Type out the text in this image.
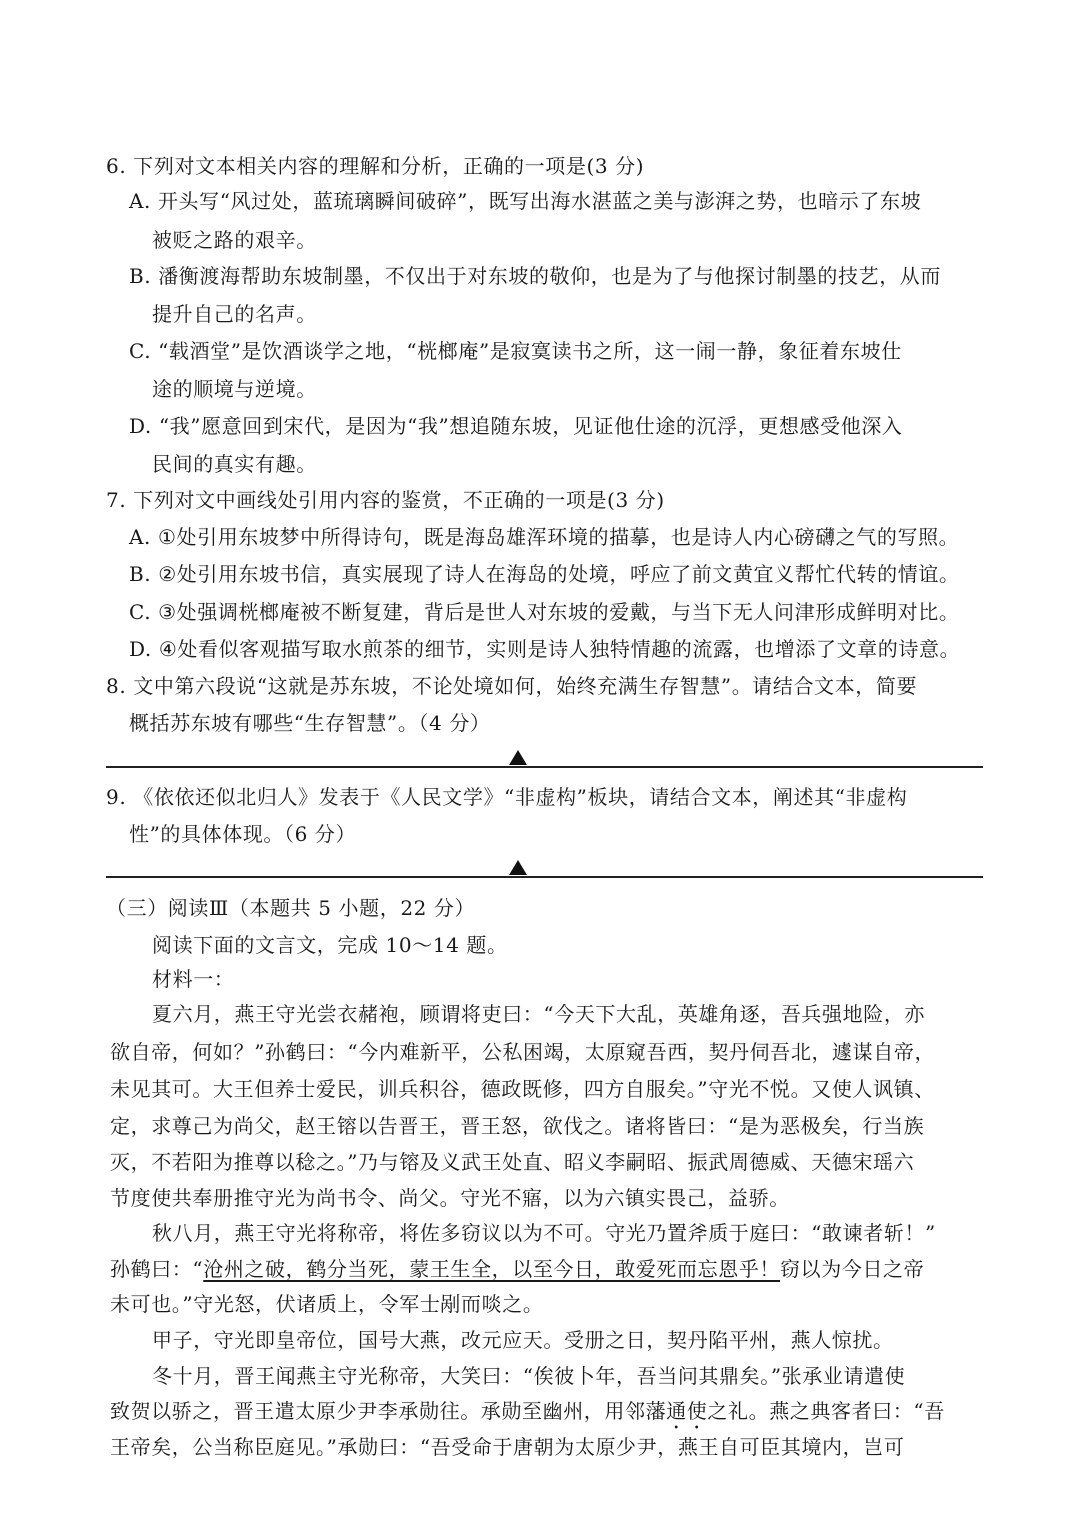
6. 下列对文本相关内容的理解和分析，正确的一项是(3 分)
A. 开头写“风过处，蓝琉璃瞬间破碎”，既写出海水湛蓝之美与澎湃之势，也暗示了东坡
被贬之路的艰辛。
B. 潘衡渡海帮助东坡制墨，不仅出于对东坡的敬仰，也是为了与他探讨制墨的技艺，从而
提升自己的名声。
C. “载酒堂”是饮酒谈学之地，“桄榔庵”是寂寞读书之所，这一闹一静，象征着东坡仕
途的顺境与逆境。
D. “我”愿意回到宋代，是因为“我”想追随东坡，见证他仕途的沉浮，更想感受他深入
民间的真实有趣。
7. 下列对文中画线处引用内容的鉴赏，不正确的一项是(3 分)
A. ①处引用东坡梦中所得诗句，既是海岛雄浑环境的描摹，也是诗人内心磅礴之气的写照。
B. ②处引用东坡书信，真实展现了诗人在海岛的处境，呼应了前文黄宜义帮忙代转的情谊。
C. ③处强调桄榔庵被不断复建，背后是世人对东坡的爱戴，与当下无人问津形成鲜明对比。
D. ④处看似客观描写取水煎茶的细节，实则是诗人独特情趣的流露，也增添了文章的诗意。
8. 文中第六段说“这就是苏东坡，不论处境如何，始终充满生存智慧”。请结合文本，简要
概括苏东坡有哪些“生存智慧”。（4 分）
9. 《依依还似北归人》发表于《人民文学》“非虚构”板块，请结合文本，阐述其“非虚构
性”的具体体现。（6 分）
（三）阅读Ⅲ（本题共 5 小题，22 分）
阅读下面的文言文，完成 10～14 题。
材料一：
夏六月，燕王守光尝衣赭袍，顾谓将吏曰：“今天下大乱，英雄角逐，吾兵强地险，亦
欲自帝，何如？”孙鹤曰：“今内难新平，公私困竭，太原窥吾西，契丹伺吾北，遽谋自帝，
未见其可。大王但养士爱民，训兵积谷，德政既修，四方自服矣。”守光不悦。又使人讽镇、
定，求尊己为尚父，赵王镕以告晋王，晋王怒，欲伐之。诸将皆曰：“是为恶极矣，行当族
灭，不若阳为推尊以稔之。”乃与镕及义武王处直、昭义李嗣昭、振武周德威、天德宋瑶六
节度使共奉册推守光为尚书令、尚父。守光不寤，以为六镇实畏己，益骄。
秋八月，燕王守光将称帝，将佐多窃议以为不可。守光乃置斧质于庭曰：“敢谏者斩！”
孙鹤曰：“沧州之破，鹤分当死，蒙王生全，以至今日，敢爱死而忘恩乎！窃以为今日之帝
未可也。”守光怒，伏诸质上，令军士剐而啖之。
甲子，守光即皇帝位，国号大燕，改元应天。受册之日，契丹陷平州，燕人惊扰。
冬十月，晋王闻燕主守光称帝，大笑曰：“俟彼卜年，吾当问其鼎矣。”张承业请遣使
致贺以骄之，晋王遣太原少尹李承勋往。承勋至幽州，用邻藩通使之礼。燕之典客者曰：“吾
王帝矣，公当称臣庭见。”承勋曰：“吾受命于唐朝为太原少尹，燕王自可臣其境内，岂可
